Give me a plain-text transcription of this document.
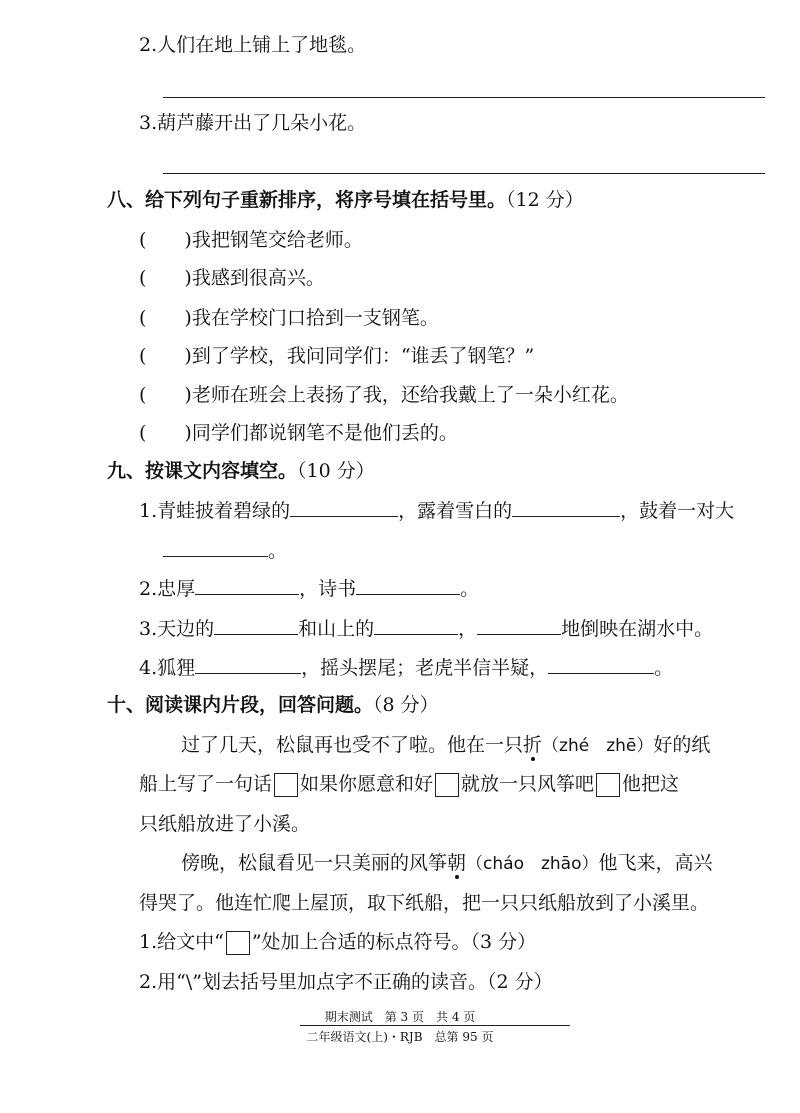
2.人们在地上铺上了地毯。
3.葫芦藤开出了几朵小花。
八、给下列句子重新排序，将序号填在括号里。（12 分）
(　　)我把钢笔交给老师。
(　　)我感到很高兴。
(　　)我在学校门口拾到一支钢笔。
(　　)到了学校，我问同学们：“谁丢了钢笔？”
(　　)老师在班会上表扬了我，还给我戴上了一朵小红花。
(　　)同学们都说钢笔不是他们丢的。
九、按课文内容填空。（10 分）
1.青蛙披着碧绿的	，露着雪白的	，鼓着一对大
。
2.忠厚	，诗书	。
3.天边的	和山上的	，	地倒映在湖水中。
4.狐狸	，摇头摆尾；老虎半信半疑，	。
十、阅读课内片段，回答问题。（8 分）
过了几天，松鼠再也受不了啦。他在一只折（zhé　zhē）好的纸
船上写了一句话 如果你愿意和好 就放一只风筝吧 他把这
只纸船放进了小溪。
傍晚，松鼠看见一只美丽的风筝朝（cháo　zhāo）他飞来，高兴
得哭了。他连忙爬上屋顶，取下纸船，把一只只纸船放到了小溪里。
1.给文中“ ”处加上合适的标点符号。（3 分）
2.用“\”划去括号里加点字不正确的读音。（2 分）
期末测试　第 3 页　共 4 页
二年级语文(上)・RJB　总第 95 页
